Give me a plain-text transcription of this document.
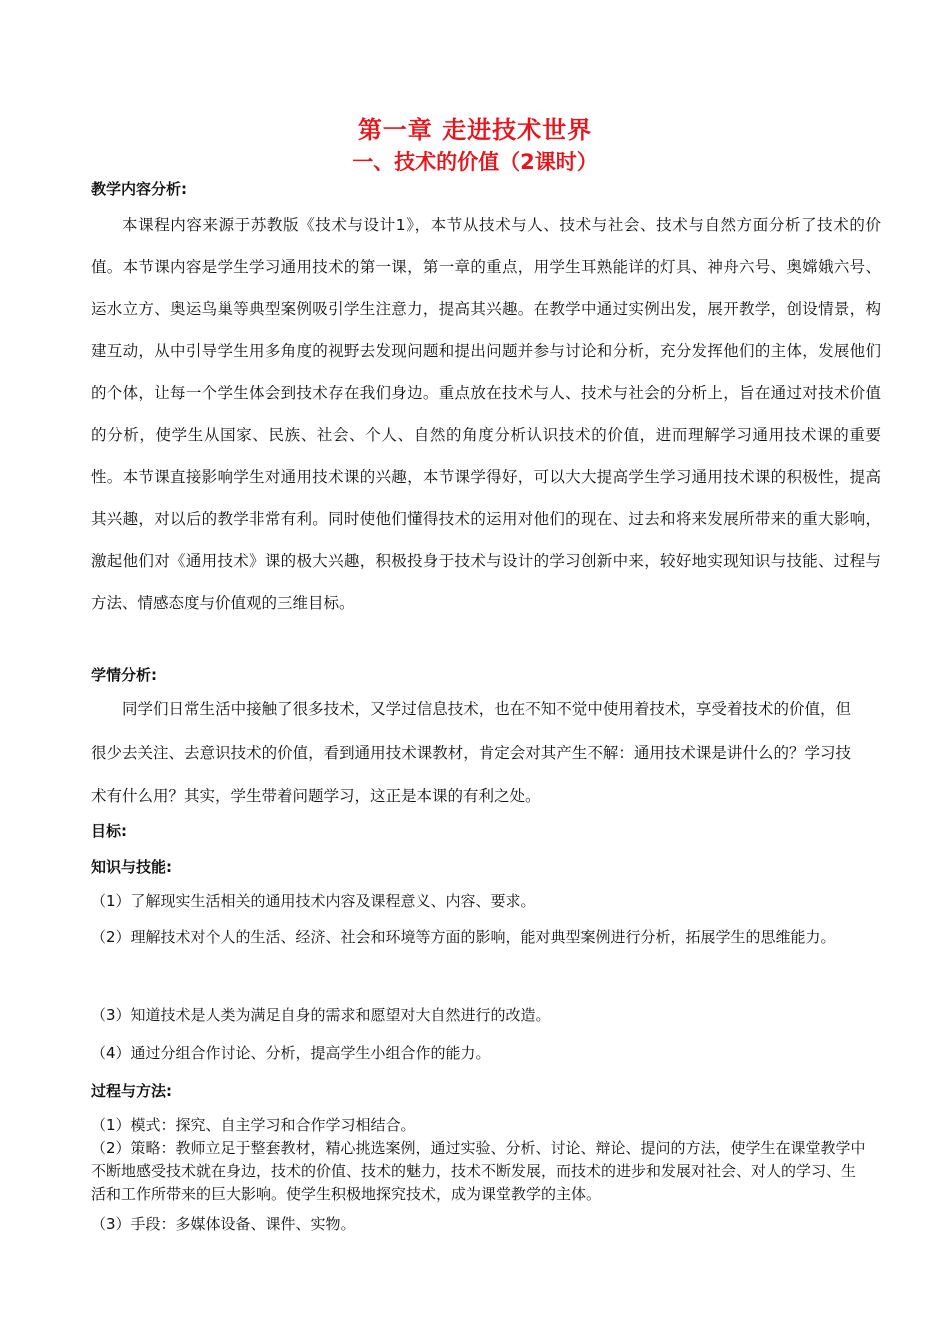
第一章 走进技术世界
一、技术的价值（2课时）
教学内容分析:

本课程内容来源于苏教版《技术与设计1》，本节从技术与人、技术与社会、技术与自然方面分析了技术的价值。本节课内容是学生学习通用技术的第一课，第一章的重点，用学生耳熟能详的灯具、神舟六号、奥嫦娥六号、运水立方、奥运鸟巢等典型案例吸引学生注意力，提高其兴趣。在教学中通过实例出发，展开教学，创设情景，构建互动，从中引导学生用多角度的视野去发现问题和提出问题并参与讨论和分析，充分发挥他们的主体，发展他们的个体，让每一个学生体会到技术存在我们身边。重点放在技术与人、技术与社会的分析上，旨在通过对技术价值的分析，使学生从国家、民族、社会、个人、自然的角度分析认识技术的价值，进而理解学习通用技术课的重要性。本节课直接影响学生对通用技术课的兴趣，本节课学得好，可以大大提高学生学习通用技术课的积极性，提高其兴趣，对以后的教学非常有利。同时使他们懂得技术的运用对他们的现在、过去和将来发展所带来的重大影响，激起他们对《通用技术》课的极大兴趣，积极投身于技术与设计的学习创新中来，较好地实现知识与技能、过程与方法、情感态度与价值观的三维目标。

学情分析:

同学们日常生活中接触了很多技术，又学过信息技术，也在不知不觉中使用着技术，享受着技术的价值，但很少去关注、去意识技术的价值，看到通用技术课教材，肯定会对其产生不解：通用技术课是讲什么的？学习技术有什么用？其实，学生带着问题学习，这正是本课的有利之处。

目标:
知识与技能:
（1）了解现实生活相关的通用技术内容及课程意义、内容、要求。
（2）理解技术对个人的生活、经济、社会和环境等方面的影响，能对典型案例进行分析，拓展学生的思维能力。
（3）知道技术是人类为满足自身的需求和愿望对大自然进行的改造。
（4）通过分组合作讨论、分析，提高学生小组合作的能力。
过程与方法:
（1）模式：探究、自主学习和合作学习相结合。
（2）策略：教师立足于整套教材，精心挑选案例，通过实验、分析、讨论、辩论、提问的方法，使学生在课堂教学中不断地感受技术就在身边，技术的价值、技术的魅力，技术不断发展，而技术的进步和发展对社会、对人的学习、生活和工作所带来的巨大影响。使学生积极地探究技术，成为课堂教学的主体。
（3）手段：多媒体设备、课件、实物。
